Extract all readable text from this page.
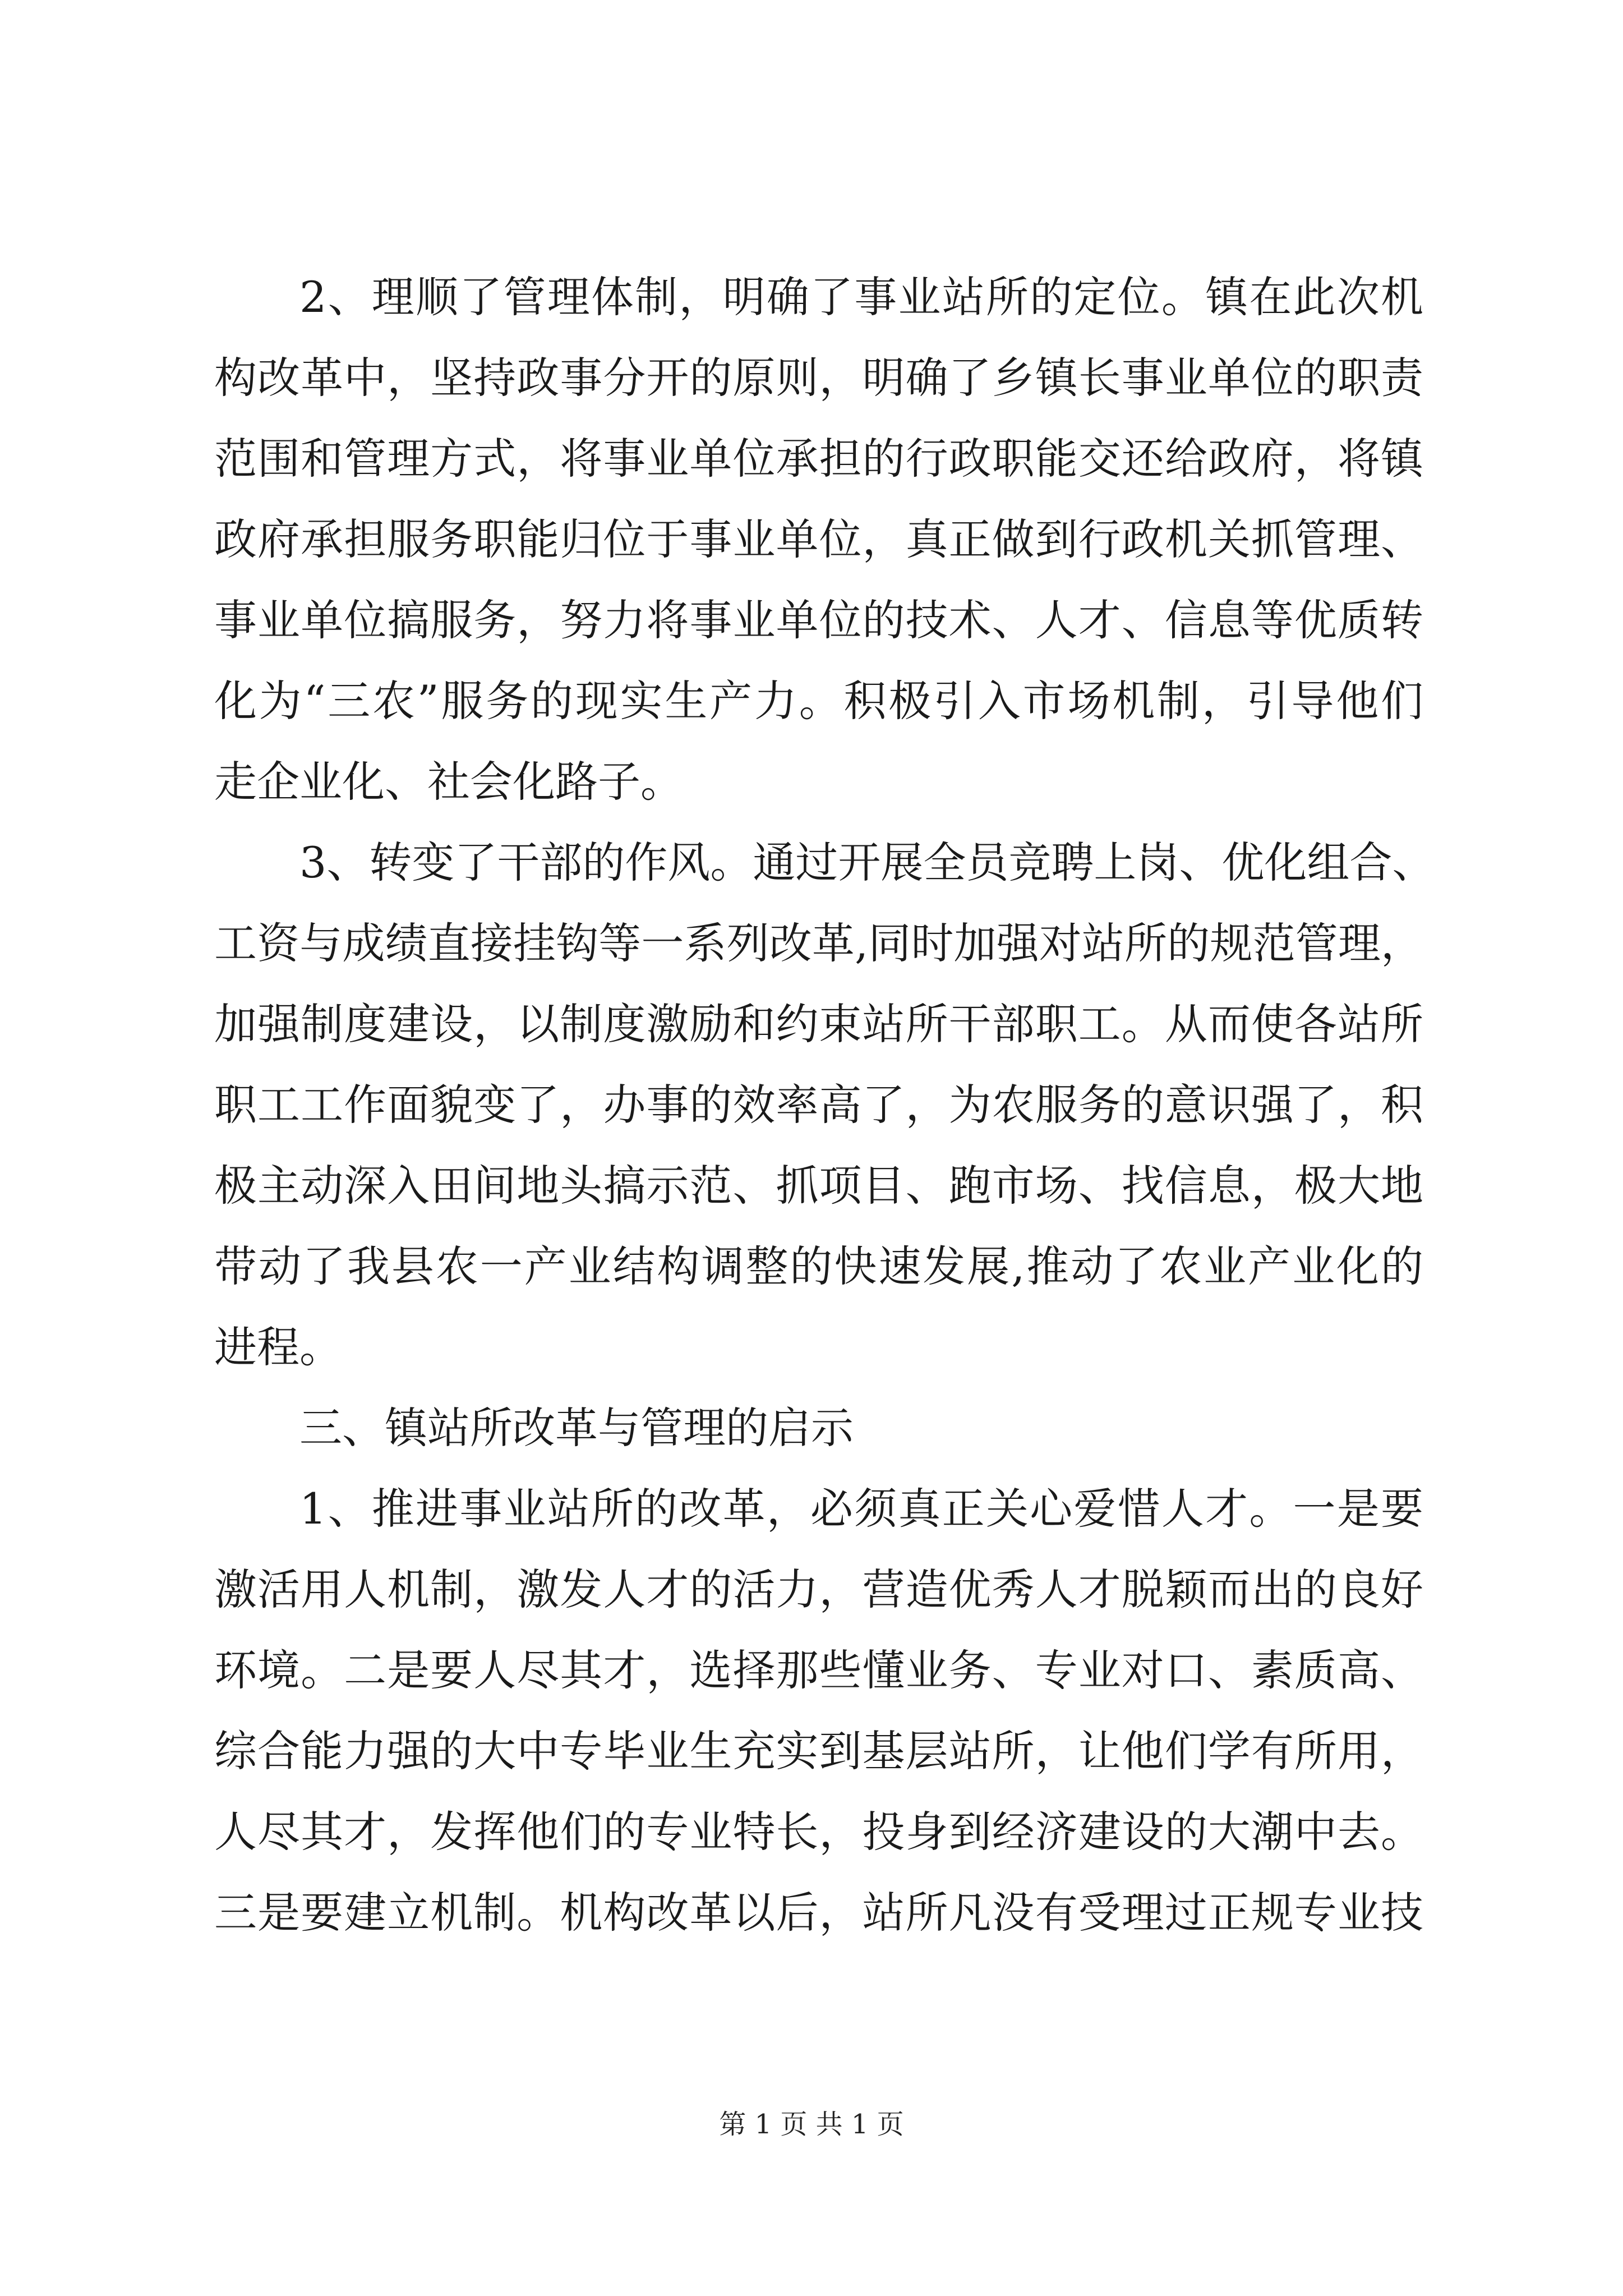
2、理顺了管理体制，明确了事业站所的定位。镇在此次机
构改革中，坚持政事分开的原则，明确了乡镇长事业单位的职责
范围和管理方式，将事业单位承担的行政职能交还给政府，将镇
政府承担服务职能归位于事业单位，真正做到行政机关抓管理、
事业单位搞服务，努力将事业单位的技术、人才、信息等优质转
化为“三农”服务的现实生产力。积极引入市场机制，引导他们
走企业化、社会化路子。
3、转变了干部的作风。通过开展全员竞聘上岗、优化组合、
工资与成绩直接挂钩等一系列改革,同时加强对站所的规范管理，
加强制度建设，以制度激励和约束站所干部职工。从而使各站所
职工工作面貌变了，办事的效率高了，为农服务的意识强了，积
极主动深入田间地头搞示范、抓项目、跑市场、找信息，极大地
带动了我县农一产业结构调整的快速发展,推动了农业产业化的
进程。
三、镇站所改革与管理的启示
1、推进事业站所的改革，必须真正关心爱惜人才。一是要
激活用人机制，激发人才的活力，营造优秀人才脱颖而出的良好
环境。二是要人尽其才，选择那些懂业务、专业对口、素质高、
综合能力强的大中专毕业生充实到基层站所，让他们学有所用，
人尽其才，发挥他们的专业特长，投身到经济建设的大潮中去。
三是要建立机制。机构改革以后，站所凡没有受理过正规专业技
第 1 页 共 1 页
